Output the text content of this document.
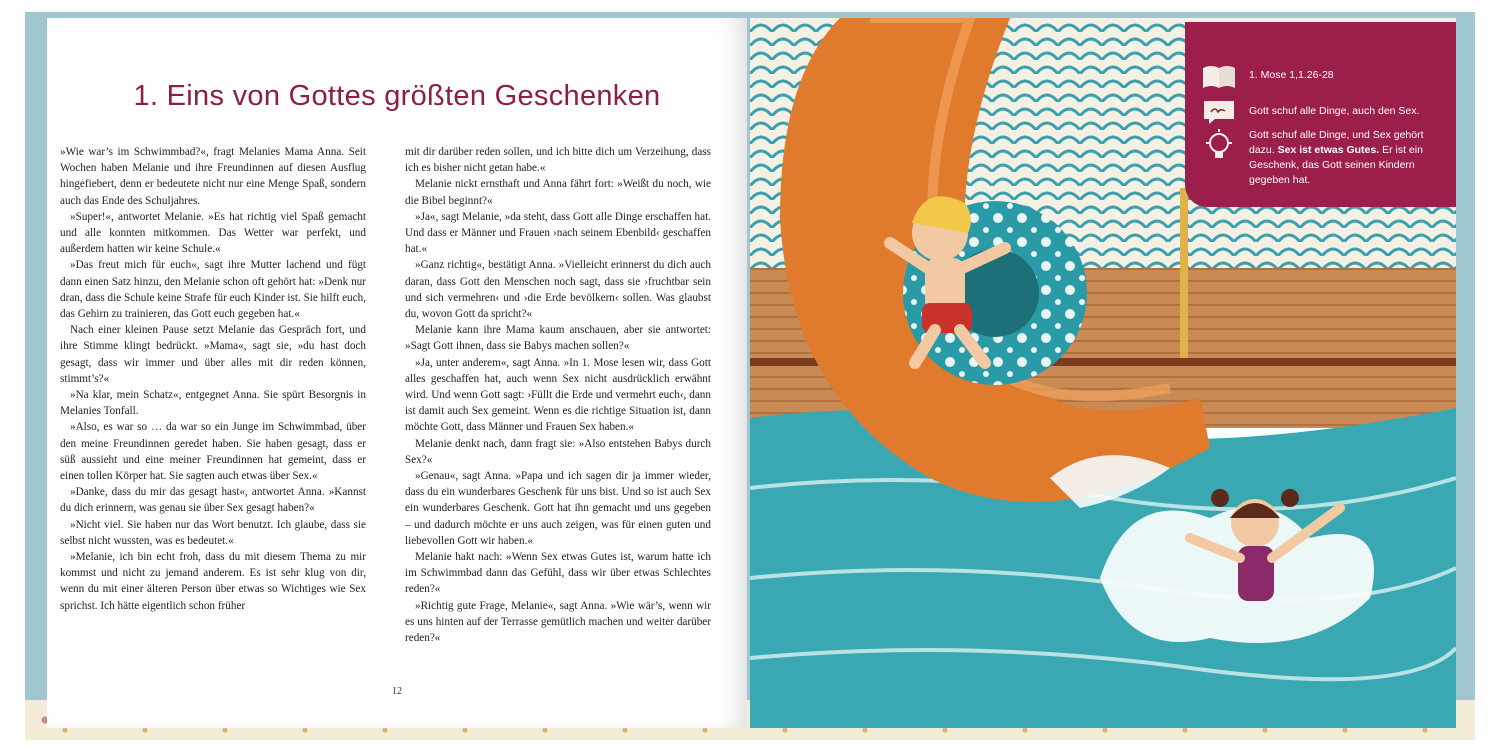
1. Eins von Gottes größten Geschenken

»Wie war’s im Schwimmbad?«, fragt Melanies Mama Anna. Seit Wochen haben Melanie und ihre Freundinnen auf diesen Ausflug hingefiebert, denn er bedeutete nicht nur eine Menge Spaß, sondern auch das Ende des Schuljahres.

»Super!«, antwortet Melanie. »Es hat richtig viel Spaß gemacht und alle konnten mitkommen. Das Wetter war perfekt, und außerdem hatten wir keine Schule.«

»Das freut mich für euch«, sagt ihre Mutter lachend und fügt dann einen Satz hinzu, den Melanie schon oft gehört hat: »Denk nur dran, dass die Schule keine Strafe für euch Kinder ist. Sie hilft euch, das Gehirn zu trainieren, das Gott euch gegeben hat.«

Nach einer kleinen Pause setzt Melanie das Gespräch fort, und ihre Stimme klingt bedrückt. »Mama«, sagt sie, »du hast doch gesagt, dass wir immer und über alles mit dir reden können, stimmt’s?«

»Na klar, mein Schatz«, entgegnet Anna. Sie spürt Besorgnis in Melanies Tonfall.

»Also, es war so … da war so ein Junge im Schwimmbad, über den meine Freundinnen geredet haben. Sie haben gesagt, dass er süß aussieht und eine meiner Freundinnen hat gemeint, dass er einen tollen Körper hat. Sie sagten auch etwas über Sex.«

»Danke, dass du mir das gesagt hast«, antwortet Anna. »Kannst du dich erinnern, was genau sie über Sex gesagt haben?«

»Nicht viel. Sie haben nur das Wort benutzt. Ich glaube, dass sie selbst nicht wussten, was es bedeutet.«

»Melanie, ich bin echt froh, dass du mit diesem Thema zu mir kommst und nicht zu jemand anderem. Es ist sehr klug von dir, wenn du mit einer älteren Person über etwas so Wichtiges wie Sex sprichst. Ich hätte eigentlich schon früher

mit dir darüber reden sollen, und ich bitte dich um Verzeihung, dass ich es bisher nicht getan habe.«

Melanie nickt ernsthaft und Anna fährt fort: »Weißt du noch, wie die Bibel beginnt?«

»Ja«, sagt Melanie, »da steht, dass Gott alle Dinge erschaffen hat. Und dass er Männer und Frauen ›nach seinem Ebenbild‹ geschaffen hat.«

»Ganz richtig«, bestätigt Anna. »Vielleicht erinnerst du dich auch daran, dass Gott den Menschen noch sagt, dass sie ›fruchtbar sein und sich vermehren‹ und ›die Erde bevölkern‹ sollen. Was glaubst du, wovon Gott da spricht?«

Melanie kann ihre Mama kaum anschauen, aber sie antwortet: »Sagt Gott ihnen, dass sie Babys machen sollen?«

»Ja, unter anderem«, sagt Anna. »In 1. Mose lesen wir, dass Gott alles geschaffen hat, auch wenn Sex nicht ausdrücklich erwähnt wird. Und wenn Gott sagt: ›Füllt die Erde und vermehrt euch‹, dann ist damit auch Sex gemeint. Wenn es die richtige Situation ist, dann möchte Gott, dass Männer und Frauen Sex haben.«

Melanie denkt nach, dann fragt sie: »Also entstehen Babys durch Sex?«

»Genau«, sagt Anna. »Papa und ich sagen dir ja immer wieder, dass du ein wunderbares Geschenk für uns bist. Und so ist auch Sex ein wunderbares Geschenk. Gott hat ihn gemacht und uns gegeben – und dadurch möchte er uns auch zeigen, was für einen guten und liebevollen Gott wir haben.«

Melanie hakt nach: »Wenn Sex etwas Gutes ist, warum hatte ich im Schwimmbad dann das Gefühl, dass wir über etwas Schlechtes reden?«

»Richtig gute Frage, Melanie«, sagt Anna. »Wie wär’s, wenn wir es uns hinten auf der Terrasse gemütlich machen und weiter darüber reden?«

12
1. Mose 1,1.26-28
Gott schuf alle Dinge, auch den Sex.
Gott schuf alle Dinge, und Sex gehört dazu. Sex ist etwas Gutes. Er ist ein Geschenk, das Gott seinen Kindern gegeben hat.
